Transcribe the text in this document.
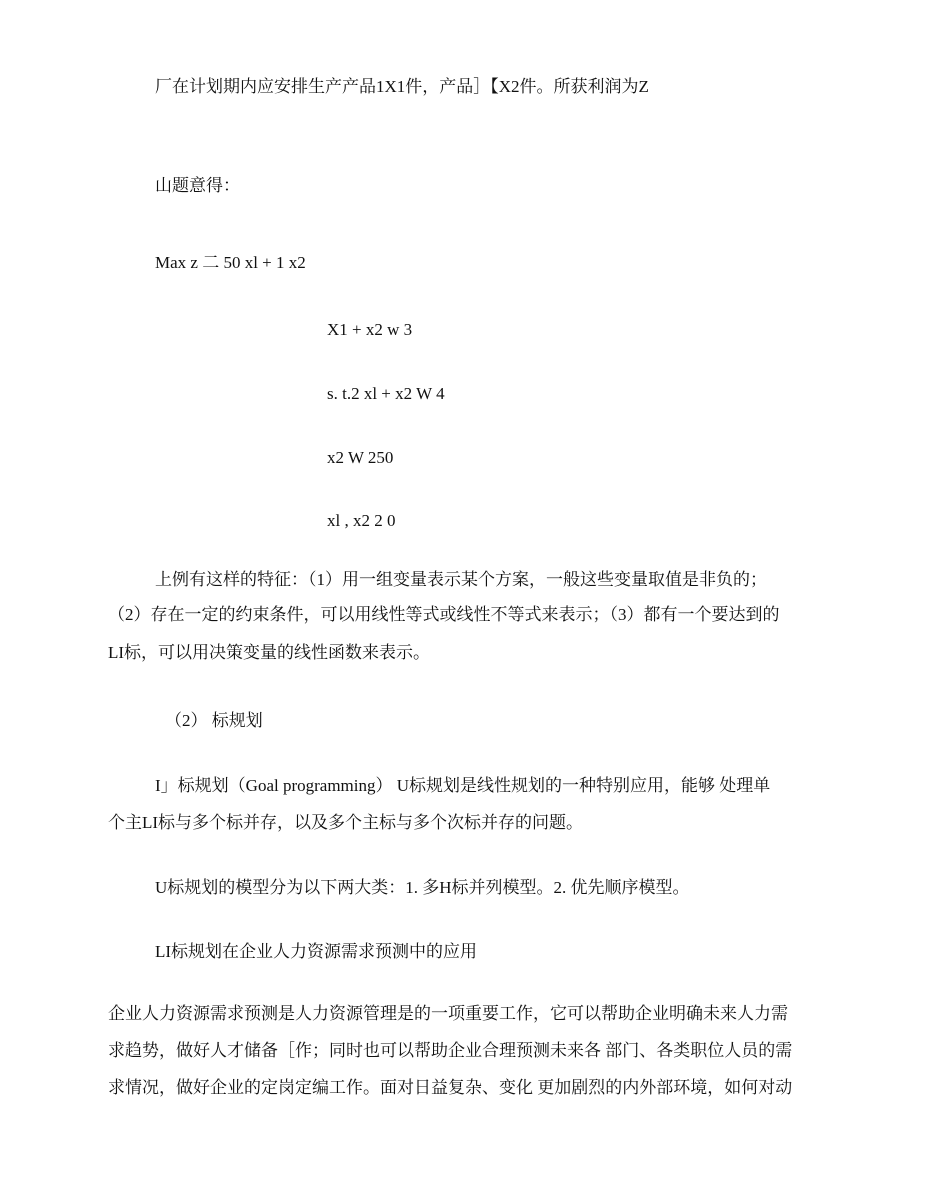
厂在计划期内应安排生产产品1X1件，产品］【X2件。所获利润为Z
山题意得：
Max z 二 50 xl + 1 x2
X1 + x2 w 3
s. t.2 xl + x2 W 4
x2 W 250
xl , x2 2 0
上例有这样的特征：（1）用一组变量表示某个方案，一般这些变量取值是非负的；
（2）存在一定的约束条件，可以用线性等式或线性不等式来表示；（3）都有一个要达到的
LI标，可以用决策变量的线性函数来表示。
（2） 标规划
I」标规划（Goal programming） U标规划是线性规划的一种特别应用，能够 处理单
个主LI标与多个标并存，以及多个主标与多个次标并存的问题。
U标规划的模型分为以下两大类：1. 多H标并列模型。2. 优先顺序模型。
LI标规划在企业人力资源需求预测中的应用
企业人力资源需求预测是人力资源管理是的一项重要工作，它可以帮助企业明确未来人力需
求趋势，做好人才储备［作；同时也可以帮助企业合理预测未来各 部门、各类职位人员的需
求情况，做好企业的定岗定编工作。面对日益复杂、变化 更加剧烈的内外部环境，如何对动
